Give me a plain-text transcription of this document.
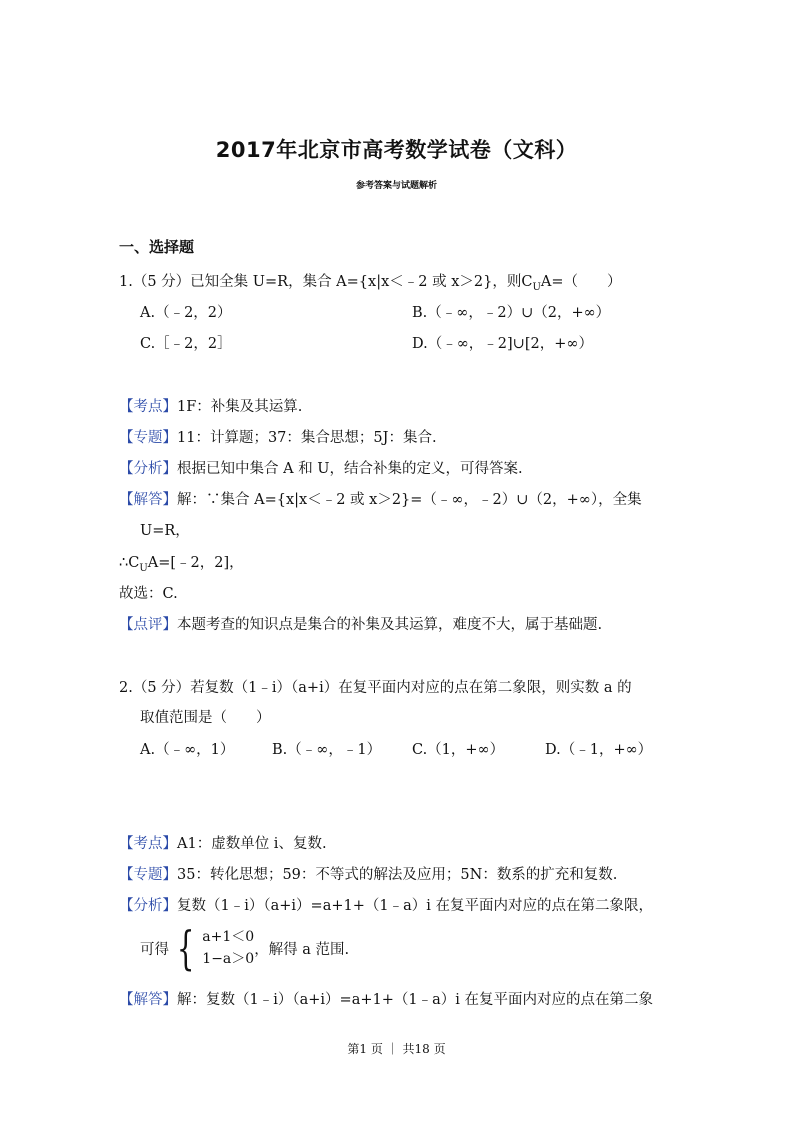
2017年北京市高考数学试卷（文科）
参考答案与试题解析
一、选择题
1.（5 分）已知全集 U=R，集合 A={x|x＜﹣2 或 x＞2}，则$C_UA=$（　　）
A.（﹣2，2）	B.（﹣∞，﹣2）∪（2，+∞）
C.［﹣2，2］	D.（﹣∞，﹣2]∪[2，+∞）
【考点】1F：补集及其运算.
【专题】11：计算题；37：集合思想；5J：集合.
【分析】根据已知中集合 A 和 U，结合补集的定义，可得答案.
【解答】解：∵集合 A={x|x＜﹣2 或 x＞2}=（﹣∞，﹣2）∪（2，+∞），全集
U=R，
$\therefore C_UA=[﹣2$，2]，
故选：C.
【点评】本题考查的知识点是集合的补集及其运算，难度不大，属于基础题.
2.（5 分）若复数（1﹣i）（a+i）在复平面内对应的点在第二象限，则实数 a 的
取值范围是（　　）
A.（﹣∞，1）	B.（﹣∞，﹣1） C.（1，+∞）	D.（﹣1，+∞）
【考点】A1：虚数单位 i、复数.
【专题】35：转化思想；59：不等式的解法及应用；5N：数系的扩充和复数.
【分析】复数（1﹣i）（a+i）=a+1+（1﹣a）i 在复平面内对应的点在第二象限，
可得 { a+1＜0
1−a＞0
，解得 a 范围.
【解答】解：复数（1﹣i）（a+i）=a+1+（1﹣a）i 在复平面内对应的点在第二象
第1 页 ｜ 共18 页
